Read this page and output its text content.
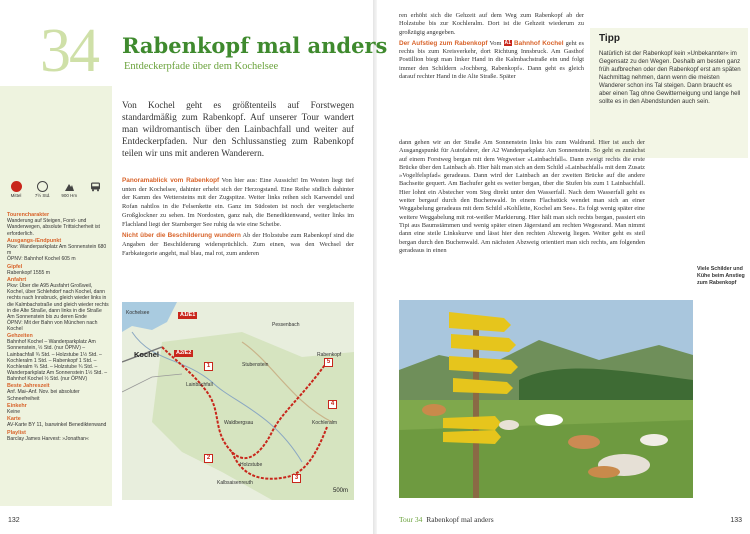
Mittel	7½ Std.	900 Hm
Tourencharakter
Wanderung auf Steigen, Forst- und Wanderwegen, absolute Trittsicherheit ist erforderlich.
Ausgangs-/Endpunkt
Pkw: Wanderparkplatz Am Sonnenstein 680 m
ÖPNV: Bahnhof Kochel 605 m
Gipfel
Rabenkopf 1555 m
Anfahrt
Pkw: Über die A95 Ausfahrt Großweil, Kochel, über Schlehdorf nach Kochel, dann rechts nach Innsbruck, gleich wieder links in die Kalmbachstraße und gleich wieder rechts in die Alte Straße, dann links in die Straße Am Sonnenstein bis zu deren Ende
ÖPNV: Mit der Bahn von München nach Kochel
Gehzeiten
Bahnhof Kochel – Wanderparkplatz Am Sonnenstein, ½ Std. (nur ÖPNV) – Lainbachfall ¾ Std. – Holzstube 1½ Std. – Kochleralm 1 Std. – Rabenkopf 1 Std. – Kochleralm ¾ Std. – Holzstube ¾ Std. – Wanderparkplatz Am Sonnenstein 1½ Std. – Bahnhof Kochel ½ Std. (nur ÖPNV)
Beste Jahreszeit
Anf. Mai–Anf. Nov. bei absoluter Schneefreiheit
Einkehr
Keine
Karte
AV-Karte BY 11, Isarwinkel Benediktenwand
Playlist
Barclay James Harvest: »Jonathan«
34 Rabenkopf mal anders
Entdeckerpfade über dem Kochelsee

Von Kochel geht es größtenteils auf Forstwegen standardmäßig zum Rabenkopf. Auf unserer Tour wandert man wildromantisch über den Lainbachfall und weiter auf Entdeckerpfaden. Nur den Schlussanstieg zum Rabenkopf teilen wir uns mit anderen Wanderern.

Panoramablick vom Rabenkopf Von hier aus: Eine Aussicht! Im Westen liegt tief unten der Kochelsee, dahinter erhebt sich der Herzogstand. Eine Reihe südlich dahinter der Kamm des Wettersteins mit der Zugspitze. Weiter links reihen sich Karwendel und Rofan nahtlos in die Felsenkette ein. Ganz im Südosten ist noch der vergletscherte Großglockner zu sehen. Im Nordosten, ganz nah, die Benediktenwand, weiter links im Flachland liegt der Starnberger See ruhig da wie eine Scheibe.

Nicht über die Beschilderung wundern Ab der Holzstube zum Rabenkopf sind die Angaben der Beschilderung widersprüchlich. Zum einen, was den Wechsel der Farbkategorie angeht, mal blau, mal rot, zum anderen

Kochel
Pessenbach
Kochelsee
Rabenkopf
Kochleralm
Lainbachfall
Holzstube
Kalbsaisenreuth
Stubenstein
Waldbergsau
A1/E1
A2/E2
1
2
3
4
5
500m
132

ren erhöht sich die Gehzeit auf dem Weg zum Rabenkopf ab der Holzstube bis zur Kochleralm. Dort ist die Gehzeit wiederum zu großzügig angegeben.

Der Aufstieg zum Rabenkopf Vom A1 Bahnhof Kochel geht es rechts bis zum Kreisverkehr, dort Richtung Innsbruck. Am Gasthof Postillion biegt man linker Hand in die Kalmbachstraße ein und folgt immer den Schildern »Jochberg, Rabenkopf«. Dann geht es gleich darauf rechter Hand in die Alte Straße. Später

Tipp
Natürlich ist der Rabenkopf kein »Unbekannter« im Gegensatz zu den Wegen. Deshalb am besten ganz früh aufbrechen oder den Rabenkopf erst am späten Nachmittag nehmen, dann wenn die meisten Wanderer schon ins Tal steigen. Dann braucht es aber einen Tag ohne Gewitterneigung und lange hell sollte es in den Abendstunden auch sein.
dann gehen wir an der Straße Am Sonnenstein links bis zum Waldrand. Hier ist auch der Ausgangspunkt für Autofahrer, der A2 Wanderparkplatz Am Sonnenstein. So geht es zunächst auf einem Forstweg bergan mit dem Wegweiser »Lainbachfall«. Dann zweigt rechts die erste Brücke über den Lainbach ab. Hier hält man sich an dem Schild »Lainbachfall« mit dem Zusatz »Vogelfelspfad« geradeaus. Dann wird der Lainbach an der zweiten Brücke auf die andere Bachseite gequert. Am Bachufer geht es weiter bergan, über die Stufen bis zum 1 Lainbachfall. Hier lohnt ein Abstecher vom Steg direkt unter den Wasserfall. Nach dem Wasserfall geht es weiter bergauf durch den Buchenwald. In einem Flachstück wendet man sich an einer Weggabelung geradeaus mit dem Schild »Kohlleite, Kochel am See«. Es folgt wenig später eine weitere Weggabelung mit rot-weißer Markierung. Hier hält man sich rechts bergan, passiert ein Tipi aus Baumstämmen und wenig später einen Jägerstand am rechten Wegesrand. Man nimmt dann eine steile Linkskurve und lässt hier den rechten Abzweig liegen. Weiter geht es steil bergan durch den Buchenwald. Am nächsten Abzweig orientiert man sich rechts, am folgenden geradeaus in einen
Viele Schilder und Kühe beim Anstieg zum Rabenkopf
Tour 34 Rabenkopf mal anders	133
